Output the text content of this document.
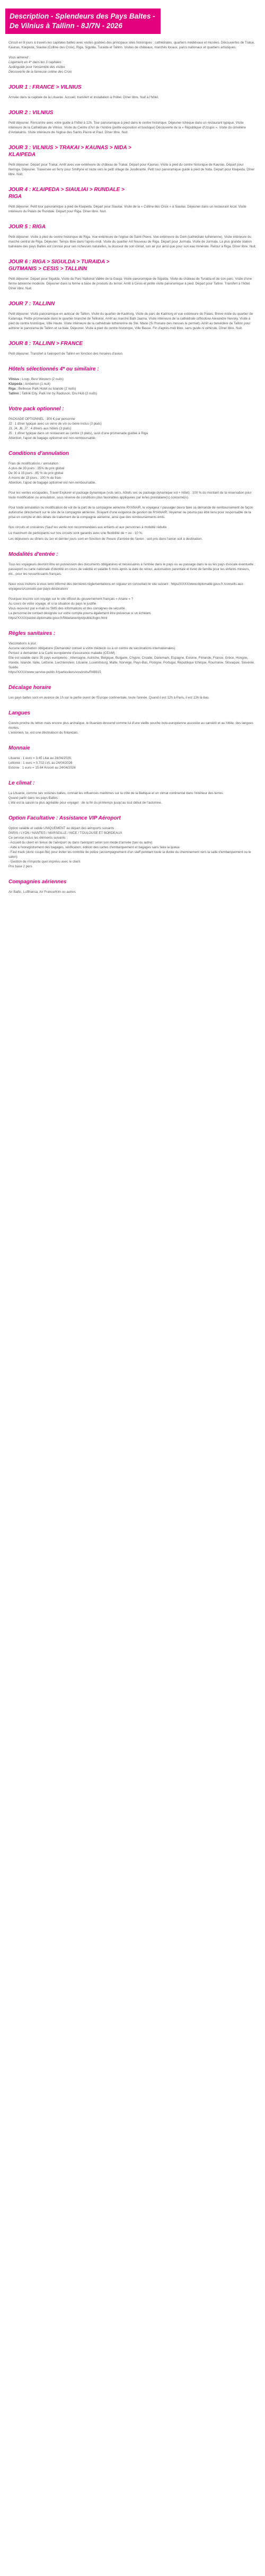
Description - Splendeurs des Pays Baltes -
De Vilnius à Tallinn - 8J/7N - 2026

Circuit en 8 jours à travers les capitales baltes avec visites guidées des principaux sites historiques : cathédrales, quartiers médiévaux et musées. Découvertes de Trakai, Kaunas, Klaipeda, Siauliai (Colline des Croix), Riga, Sigulda, Turaida et Tallinn. Visites de châteaux, marchés locaux, parcs nationaux et quartiers artistiques.

Vous aimerez :

Logement en 4* dans les 3 capitales
Audioguide pour l'ensemble des visites
Découverte de la fameuse colline des Croix

JOUR 1 : FRANCE > VILNIUS

Arrivée dans la capitale de la Lituanie. Accueil, transfert et installation à l'hôtel. Dîner libre. Nuit à l'hôtel.

JOUR 2 : VILNIUS

Petit déjeuner. Rencontre avec votre guide à l'hôtel à 12h. Tour panoramique à pied dans le centre historique. Déjeuner tchèque dans un restaurant typique. Visite intérieure de la Cathédrale de Vilnius. Visite du Centre d'Art de l'Ambre (petite exposition et boutique) Découverte de la « République d'Uzupis ». Visite du cimetière d'Antakalnis. Visite intérieure de l'église des Saints Pierre et Paul. Dîner libre. Nuit.

JOUR 3 : VILNIUS > TRAKAI > KAUNAS > NIDA >
KLAIPEDA

Petit déjeuner. Départ pour Trakai. Arrêt avec vue extérieure du château de Trakai. Départ pour Kaunas. Visite à pied du centre historique de Kaunas. Départ pour Neringa. Déjeuner. Traversée en ferry pour Smiltynė et route vers le petit village de Juodkrantė. Petit tour panoramique guidé à pied de Nida. Départ pour Klaipeda. Dîner libre. Nuit.

JOUR 4 : KLAIPEDA > SIAULIAI > RUNDALE >
RIGA

Petit déjeuner. Petit tour panoramique à pied de Klaipeda. Départ pour Siauliai. Visite de la « Colline des Croix » à Siauliai. Déjeuner dans un restaurant local. Visite intérieure du Palais de Rundale. Départ pour Riga. Dîner libre. Nuit.

JOUR 5 : RIGA

Petit déjeuner. Visite à pied du centre historique de Riga. Vue extérieure de l'église de Saint-Pierre. Vue extérieure du Dom (cathédrale luthérienne). Visite intérieure du marché central de Riga. Déjeuner. Temps libre dans l'après-midi. Visite du quartier Art Nouveau de Riga. Départ pour Jurmala. Visite de Jurmala. La plus grande station balnéaire des pays Baltes est connue pour ses richesses naturelles, la douceur de son climat, son air pur ainsi que pour son eau minérale. Retour à Riga. Dîner libre. Nuit.

JOUR 6 : RIGA > SIGULDA > TURAIDA >
GUTMANIS > CESIS > TALLINN

Petit déjeuner. Départ pour Sigulda. Visite du Parc National Vallée de la Gauja. Visite panoramique de Sigulda. Visite du château de Turaida et de son parc. Visite d'une ferme latvienne modeste. Déjeuner dans la ferme à base de produits du terroir. Arrêt à Cesis et petite visite panoramique à pied. Départ pour Tallinn. Transfert à l'hôtel. Dîner libre. Nuit.

JOUR 7 : TALLINN

Petit déjeuner. Visite panoramique en autocar de Tallinn. Visite du quartier de Kadriorg. Visite du parc de Kadriorg et vue extérieure du Palais. Brève visite du quartier de Kalamaja. Petite promenade dans le quartier branché de Telliskivi. Arrêt au marché Balti Jaama. Visite intérieure de la cathédrale orthodoxe Alexandre Nevsky. Visite à pied du centre historique, Ville Haute. Visite intérieure de la cathédrale luthérienne de Ste. Marie (Si l'horaire des messes le permet). Arrêt au belvédère de Tallinn pour admirer le panorama de Tallinn et sa baie. Déjeuner. Visite à pied du centre historique, Ville Basse. Fin d'après-midi libre, sans guide ni véhicule. Dîner libre. Nuit.

JOUR 8 : TALLINN > FRANCE

Petit déjeuner. Transfert à l'aéroport de Tallinn en fonction des horaires d'avion.

Hôtels sélectionnés 4* ou similaire :

Vilnius : Loop, Best Western (2 nuits)
Klaipeda : Amberton (1 nuit)
Riga : Bellevue Park Hotel ou Islande (2 nuits)
Tallinn : Tallink City, Park Inn by Radisson, Oru Hub (2 nuits)

Votre pack optionnel :

PACKAGE OPTIONNEL : 300 € par personne
J2 : 1 dîner typique avec un verre de vin ou bière inclus (3 plats)
J3, J4, J6, J7 : 4 dîners aux hôtels (3 plats)
J5 : 1 dîner typique dans un restaurant au centre (3 plats), suivi d'une promenade guidée à Riga
Attention, l'ajout de bagage optionnel est non-remboursable.

Conditions d'annulation

Frais de modifications / annulation :
A plus de 30 jours : 35% du prix global
De 30 à 15 jours : 85 % du prix global
A moins de 15 jours : 100 % de frais
Attention, l'ajout de bagage optionnel est non-remboursable.

Pour les ventes escapades, Travel Explorer et package dynamique (vols secs, hôtels sec ou package dynamique vol + hôtel) : 100 % du montant de la réservation pour toute modification ou annulation, sous réserve de conditions plus favorables appliquées par le/les prestataire(s) concerné(s).

Pour toute annulation ou modification de vol de la part de la compagnie aérienne RYANAIR, le voyageur / passager devra faire sa demande de remboursement de façon autonome directement sur le site de la compagnie aérienne. Si/ayant d'une exigence de gestion de RYANAIR. Veyamer ne pourra pas être tenu pour responsable de la prise en compte et des délais de traitement de la compagnie aérienne, ainsi que des remboursements émis.

Nos circuits et croisières (Sauf les vente non recommandées aux enfants et aux personnes à mobilité réduite.

Le maximum de participants sur nos circuits sont garantis avec une flexibilité de + ou - 10 %.

Les déjeuners ou dîners du 1er et dernier jours sont en fonction de l'heure d'arrivée de l'avion : soit pris dans l'avion soit à destination.

Modalités d'entrée :

Tous les voyageurs devront être en possession des documents obligatoires et nécessaires à l'entrée dans le pays ou au passage dans le ou les pays d'escale éventuelle : passeport ou carte nationale d'identité en cours de validité et valable 6 mois après la date de retour, autorisation parentale et livret de famille pour les enfants mineurs, etc., pour les ressortissants français.

Nous vous invitons à vous tenir informé des dernières réglementations en vigueur en consultant le site suivant : https//XXXX/www.diplomatie.gouv.fr /conseils-aux-voyageurs/conseils-par-pays-destination/

Pourquoi inscrire son voyage sur le site officiel du gouvernement français « Ariane » ?
Au cours de votre voyage, et si la situation du pays le justifie :
Vous recevrez par e-mail ou SMS des informations et des consignes de sécurité.
La personne de contact désignée sur votre compte pourra également être prévenue si un échéant.
https//XXXX/pastel.diplomatie.gouv.fr/fildariane/dyn/public/login.html

Règles sanitaires :

Vaccinations à jour.
Aucune vaccination obligatoire (Demandez conseil à votre médecin ou à un centre de vaccinations internationales).
Pensez à demander à la Carte européenne d'assurance maladie (CEAM) :
Elle est valable dans 30 pays européens : Allemagne, Autriche, Belgique, Bulgarie, Chypre, Croatie, Danemark, Espagne, Estonie, Finlande, France, Grèce, Hongrie, Irlande, Islande, Italie, Lettonie, Liechtenstein, Lituanie, Luxembourg, Malte, Norvège, Pays-Bas, Pologne, Portugal, République tchèque, Roumanie, Slovaquie, Slovénie, Suède.
https//XXXX/www.service-public.fr/particuliers/vosdroits/R49815

Décalage horaire

Les pays baltes sont en avance de 1h sur la partie ouest de l'Europe continentale, toute l'année. Quand il est 12h à Paris, il est 13h là-bas.

Langues

Couvin proche du letton mais encore plus archaïque, le lituanien descend comme lui d'une vieille souche indo-européenne associée au sanskrit et au hittite, des langues mortes.
L'estonien, lui, est une déclinaison du finlandais.

Monnaie

Lituanie : 1 euro = 3.45 Litai au 24/04/2026
Lettonie : 1 euro = 0.702 LVL au 24/04/2026
Estonie : 1 euro = 15.64 Kroonl au 24/04/2026

Le climat :

La Lituanie, comme ses voisines baltes, connait les influences maritimes sur la côte de la Baltique et un climat continental dans l'intérieur des terres.
Quand partir dans les pays Baltes :
L'été est la saison la plus agréable pour voyager : de la fin du printemps jusqu'au tout début de l'automne.

Option Facultative : Assistance VIP Aéroport

Option valable et valide UNIQUEMENT au départ des aéroports suivants :
PARIS / LYON / NANTES / MARSEILLE / NICE / TOULOUSE ET BORDEAUX
Ce service inclus les éléments suivants :
- Accueil du client en tenue de l'aéroport ou dans l'aéroport selon son mode d'arrivée (taxi ou autre)
- Aide à l'enregistrement des bagages, vérification, édition des cartes d'embarquement et bagages sans faire la queue
- Fast track (donc coupe-file) pour éviter les contrôle de police (accompagnement d'un staff pendant toute la durée du cheminement vers la salle d'embarquement ou le salon)
- Gestion de n'importe quel imprévu avec le client
Prix base 2 pers

Compagnies aériennes

Air Baltic, Lufthansa, Air France/Klm ou autres
